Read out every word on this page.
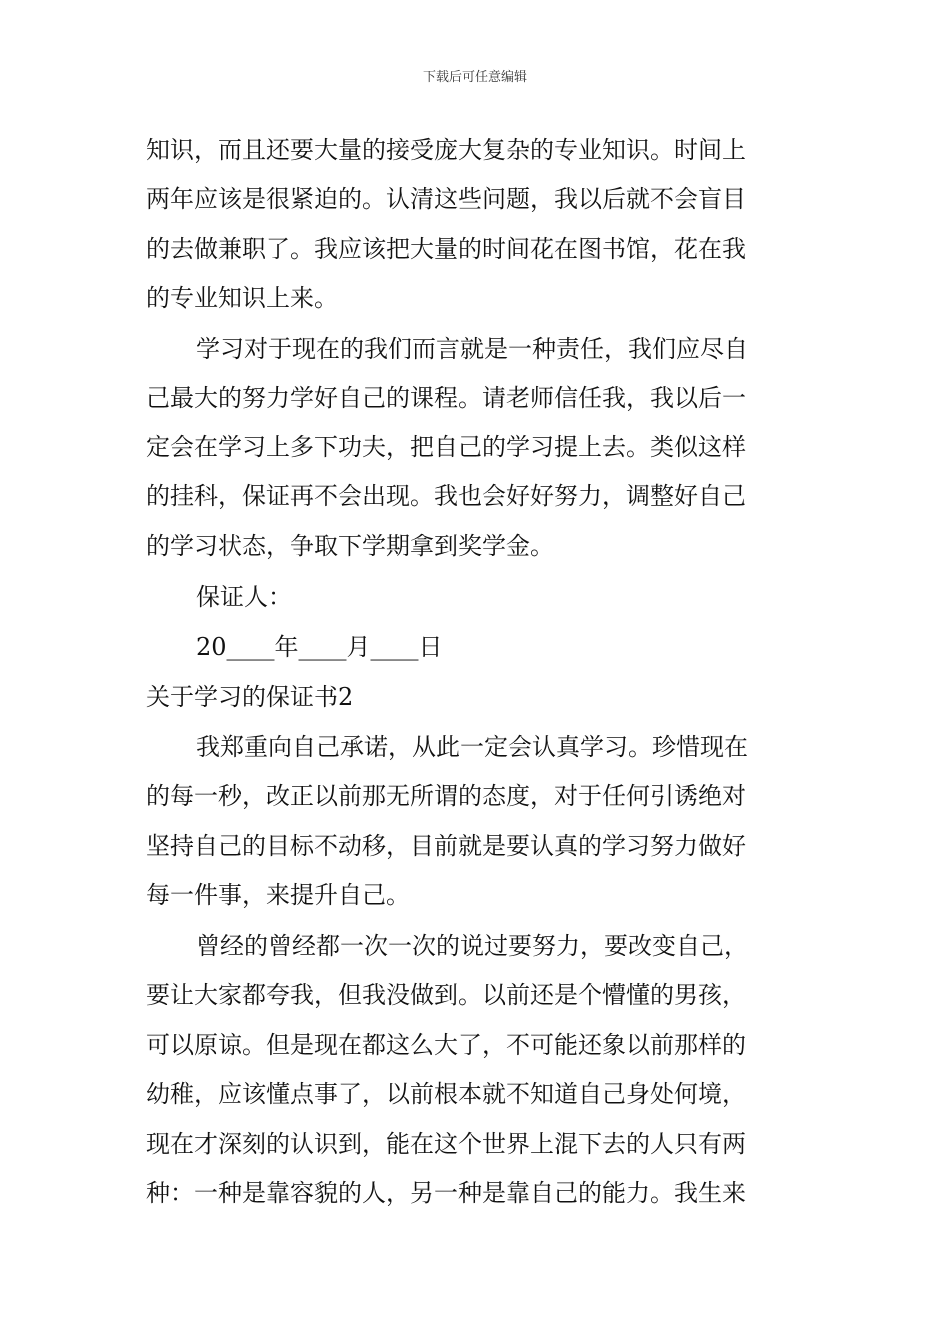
下载后可任意编辑
知识，而且还要大量的接受庞大复杂的专业知识。时间上
两年应该是很紧迫的。认清这些问题，我以后就不会盲目
的去做兼职了。我应该把大量的时间花在图书馆，花在我
的专业知识上来。
学习对于现在的我们而言就是一种责任，我们应尽自
己最大的努力学好自己的课程。请老师信任我，我以后一
定会在学习上多下功夫，把自己的学习提上去。类似这样
的挂科，保证再不会出现。我也会好好努力，调整好自己
的学习状态，争取下学期拿到奖学金。
保证人：
20____年____月____日
关于学习的保证书2
我郑重向自己承诺，从此一定会认真学习。珍惜现在
的每一秒，改正以前那无所谓的态度，对于任何引诱绝对
坚持自己的目标不动移，目前就是要认真的学习努力做好
每一件事，来提升自己。
曾经的曾经都一次一次的说过要努力，要改变自己，
要让大家都夸我，但我没做到。以前还是个懵懂的男孩，
可以原谅。但是现在都这么大了，不可能还象以前那样的
幼稚，应该懂点事了，以前根本就不知道自己身处何境，
现在才深刻的认识到，能在这个世界上混下去的人只有两
种：一种是靠容貌的人，另一种是靠自己的能力。我生来
